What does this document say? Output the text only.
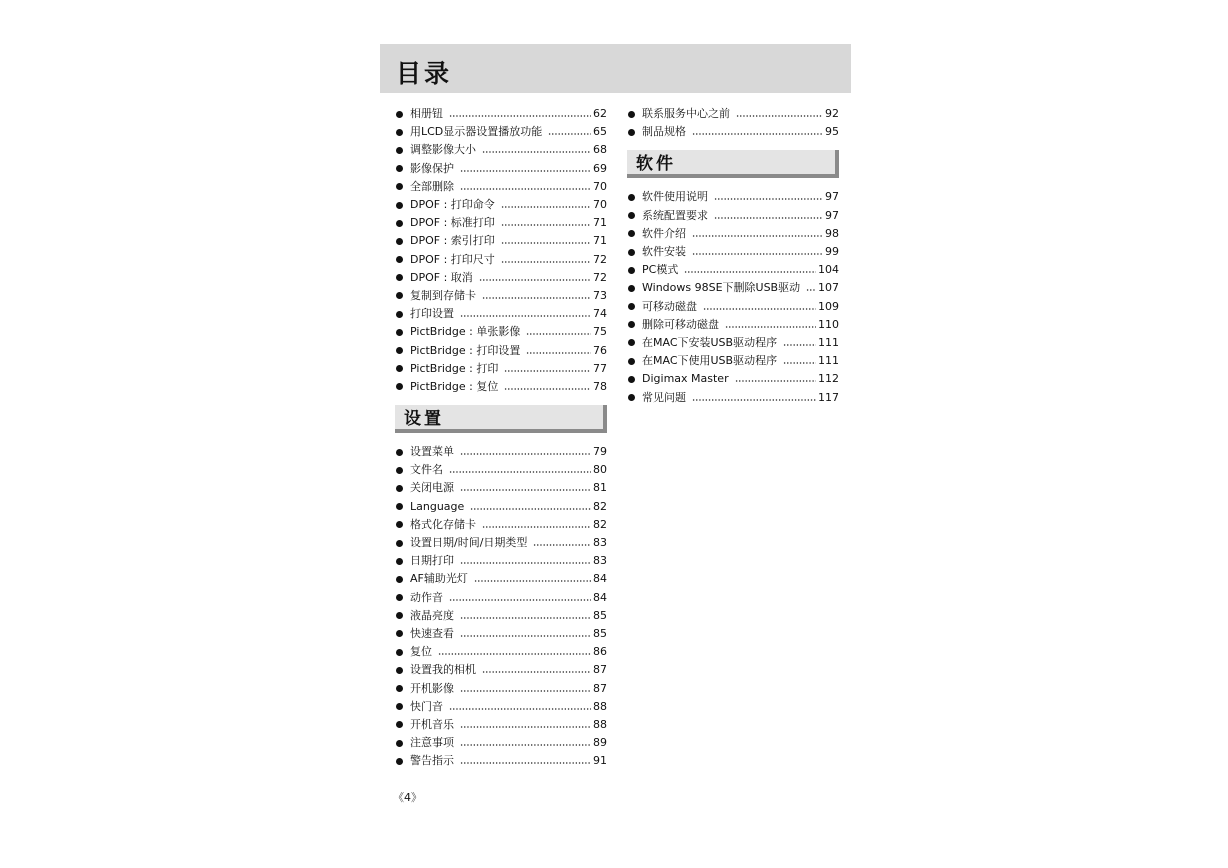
目录
相册钮	62
用LCD显示器设置播放功能	65
调整影像大小	68
影像保护	69
全部删除	70
DPOF : 打印命令	70
DPOF : 标准打印	71
DPOF : 索引打印	71
DPOF : 打印尺寸	72
DPOF : 取消	72
复制到存储卡	73
打印设置	74
PictBridge : 单张影像	75
PictBridge : 打印设置	76
PictBridge : 打印	77
PictBridge : 复位	78
设置
设置菜单	79
文件名	80
关闭电源	81
Language	82
格式化存储卡	82
设置日期/时间/日期类型	83
日期打印	83
AF辅助光灯	84
动作音	84
液晶亮度	85
快速查看	85
复位	86
设置我的相机	87
开机影像	87
快门音	88
开机音乐	88
注意事项	89
警告指示	91
联系服务中心之前	92
制品规格	95
软件
软件使用说明	97
系统配置要求	97
软件介绍	98
软件安装	99
PC模式	104
Windows 98SE下删除USB驱动 107
可移动磁盘	109
删除可移动磁盘	110
在MAC下安装USB驱动程序	111
在MAC下使用USB驱动程序	111
Digimax Master	112
常见问题	117
《4》
